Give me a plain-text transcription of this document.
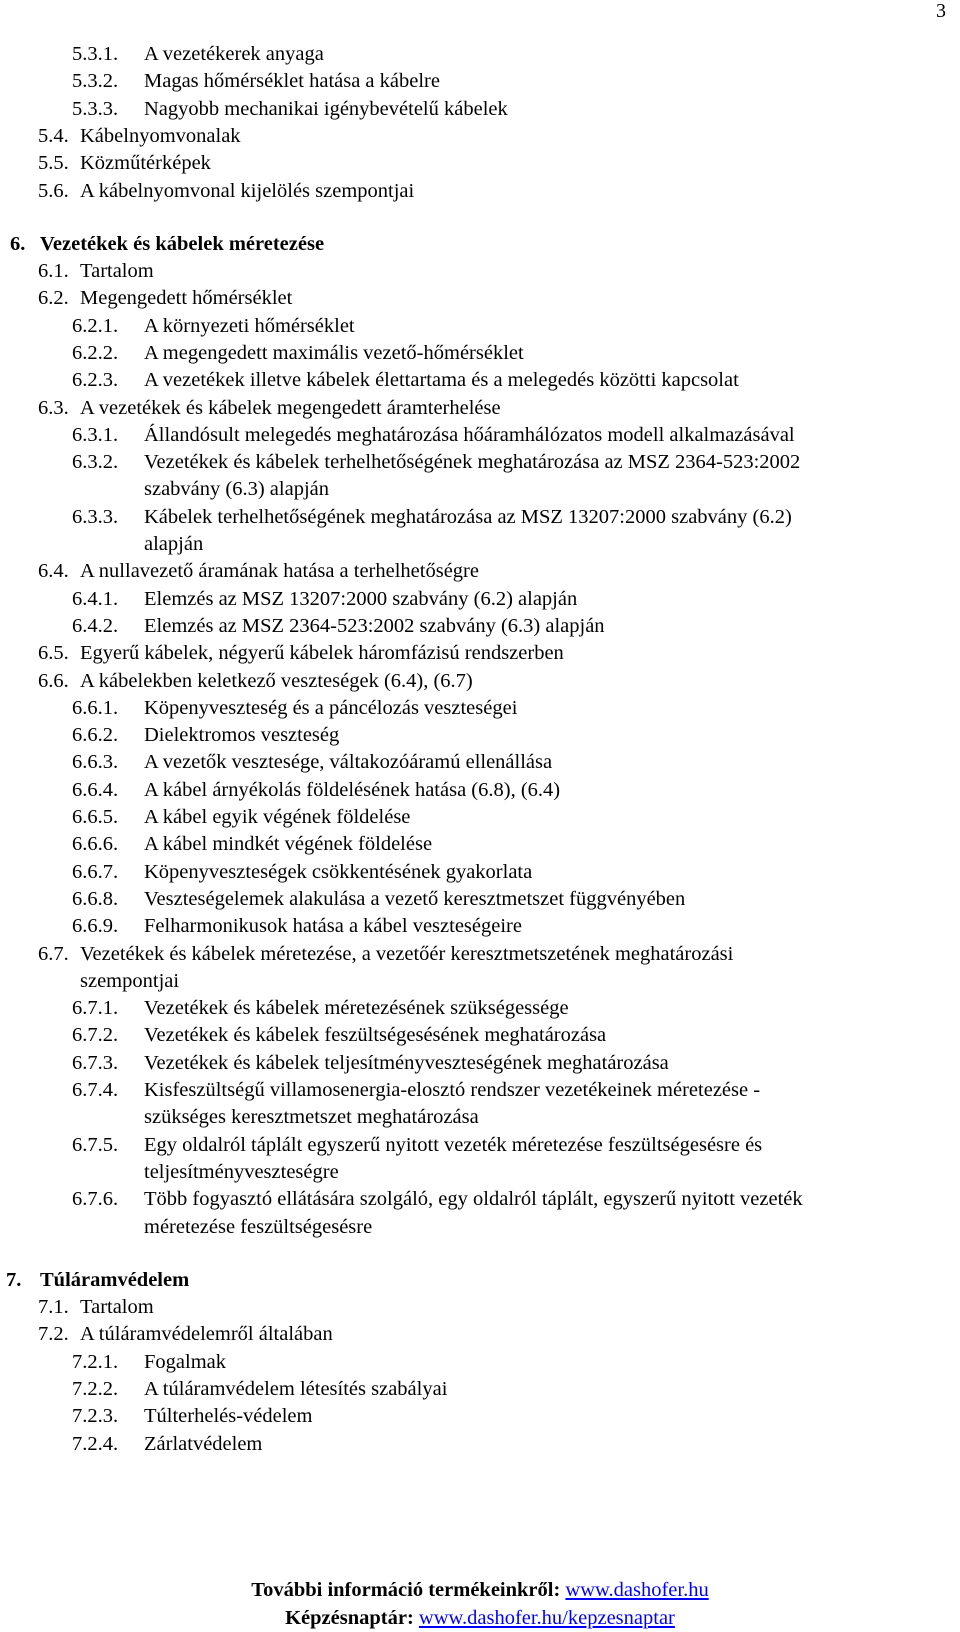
3
5.3.1. A vezetékerek anyaga
5.3.2. Magas hőmérséklet hatása a kábelre
5.3.3. Nagyobb mechanikai igénybevételű kábelek
5.4. Kábelnyomvonalak
5.5. Közműtérképek
5.6. A kábelnyomvonal kijelölés szempontjai
6. Vezetékek és kábelek méretezése
6.1. Tartalom
6.2. Megengedett hőmérséklet
6.2.1. A környezeti hőmérséklet
6.2.2. A megengedett maximális vezető-hőmérséklet
6.2.3. A vezetékek illetve kábelek élettartama és a melegedés közötti kapcsolat
6.3. A vezetékek és kábelek megengedett áramterhelése
6.3.1. Állandósult melegedés meghatározása hőáramhálózatos modell alkalmazásával
6.3.2. Vezetékek és kábelek terhelhetőségének meghatározása az MSZ 2364-523:2002
szabvány (6.3) alapján
6.3.3. Kábelek terhelhetőségének meghatározása az MSZ 13207:2000 szabvány (6.2)
alapján
6.4. A nullavezető áramának hatása a terhelhetőségre
6.4.1. Elemzés az MSZ 13207:2000 szabvány (6.2) alapján
6.4.2. Elemzés az MSZ 2364-523:2002 szabvány (6.3) alapján
6.5. Egyerű kábelek, négyerű kábelek háromfázisú rendszerben
6.6. A kábelekben keletkező veszteségek (6.4), (6.7)
6.6.1. Köpenyveszteség és a páncélozás veszteségei
6.6.2. Dielektromos veszteség
6.6.3. A vezetők vesztesége, váltakozóáramú ellenállása
6.6.4. A kábel árnyékolás földelésének hatása (6.8), (6.4)
6.6.5. A kábel egyik végének földelése
6.6.6. A kábel mindkét végének földelése
6.6.7. Köpenyveszteségek csökkentésének gyakorlata
6.6.8. Veszteségelemek alakulása a vezető keresztmetszet függvényében
6.6.9. Felharmonikusok hatása a kábel veszteségeire
6.7. Vezetékek és kábelek méretezése, a vezetőér keresztmetszetének meghatározási
szempontjai
6.7.1. Vezetékek és kábelek méretezésének szükségessége
6.7.2. Vezetékek és kábelek feszültségesésének meghatározása
6.7.3. Vezetékek és kábelek teljesítményveszteségének meghatározása
6.7.4. Kisfeszültségű villamosenergia-elosztó rendszer vezetékeinek méretezése -
szükséges keresztmetszet meghatározása
6.7.5. Egy oldalról táplált egyszerű nyitott vezeték méretezése feszültségesésre és
teljesítményveszteségre
6.7.6. Több fogyasztó ellátására szolgáló, egy oldalról táplált, egyszerű nyitott vezeték
méretezése feszültségesésre
7. Túláramvédelem
7.1. Tartalom
7.2. A túláramvédelemről általában
7.2.1. Fogalmak
7.2.2. A túláramvédelem létesítés szabályai
7.2.3. Túlterhelés-védelem
7.2.4. Zárlatvédelem
További információ termékeinkről: www.dashofer.hu
Képzésnaptár: www.dashofer.hu/kepzesnaptar
